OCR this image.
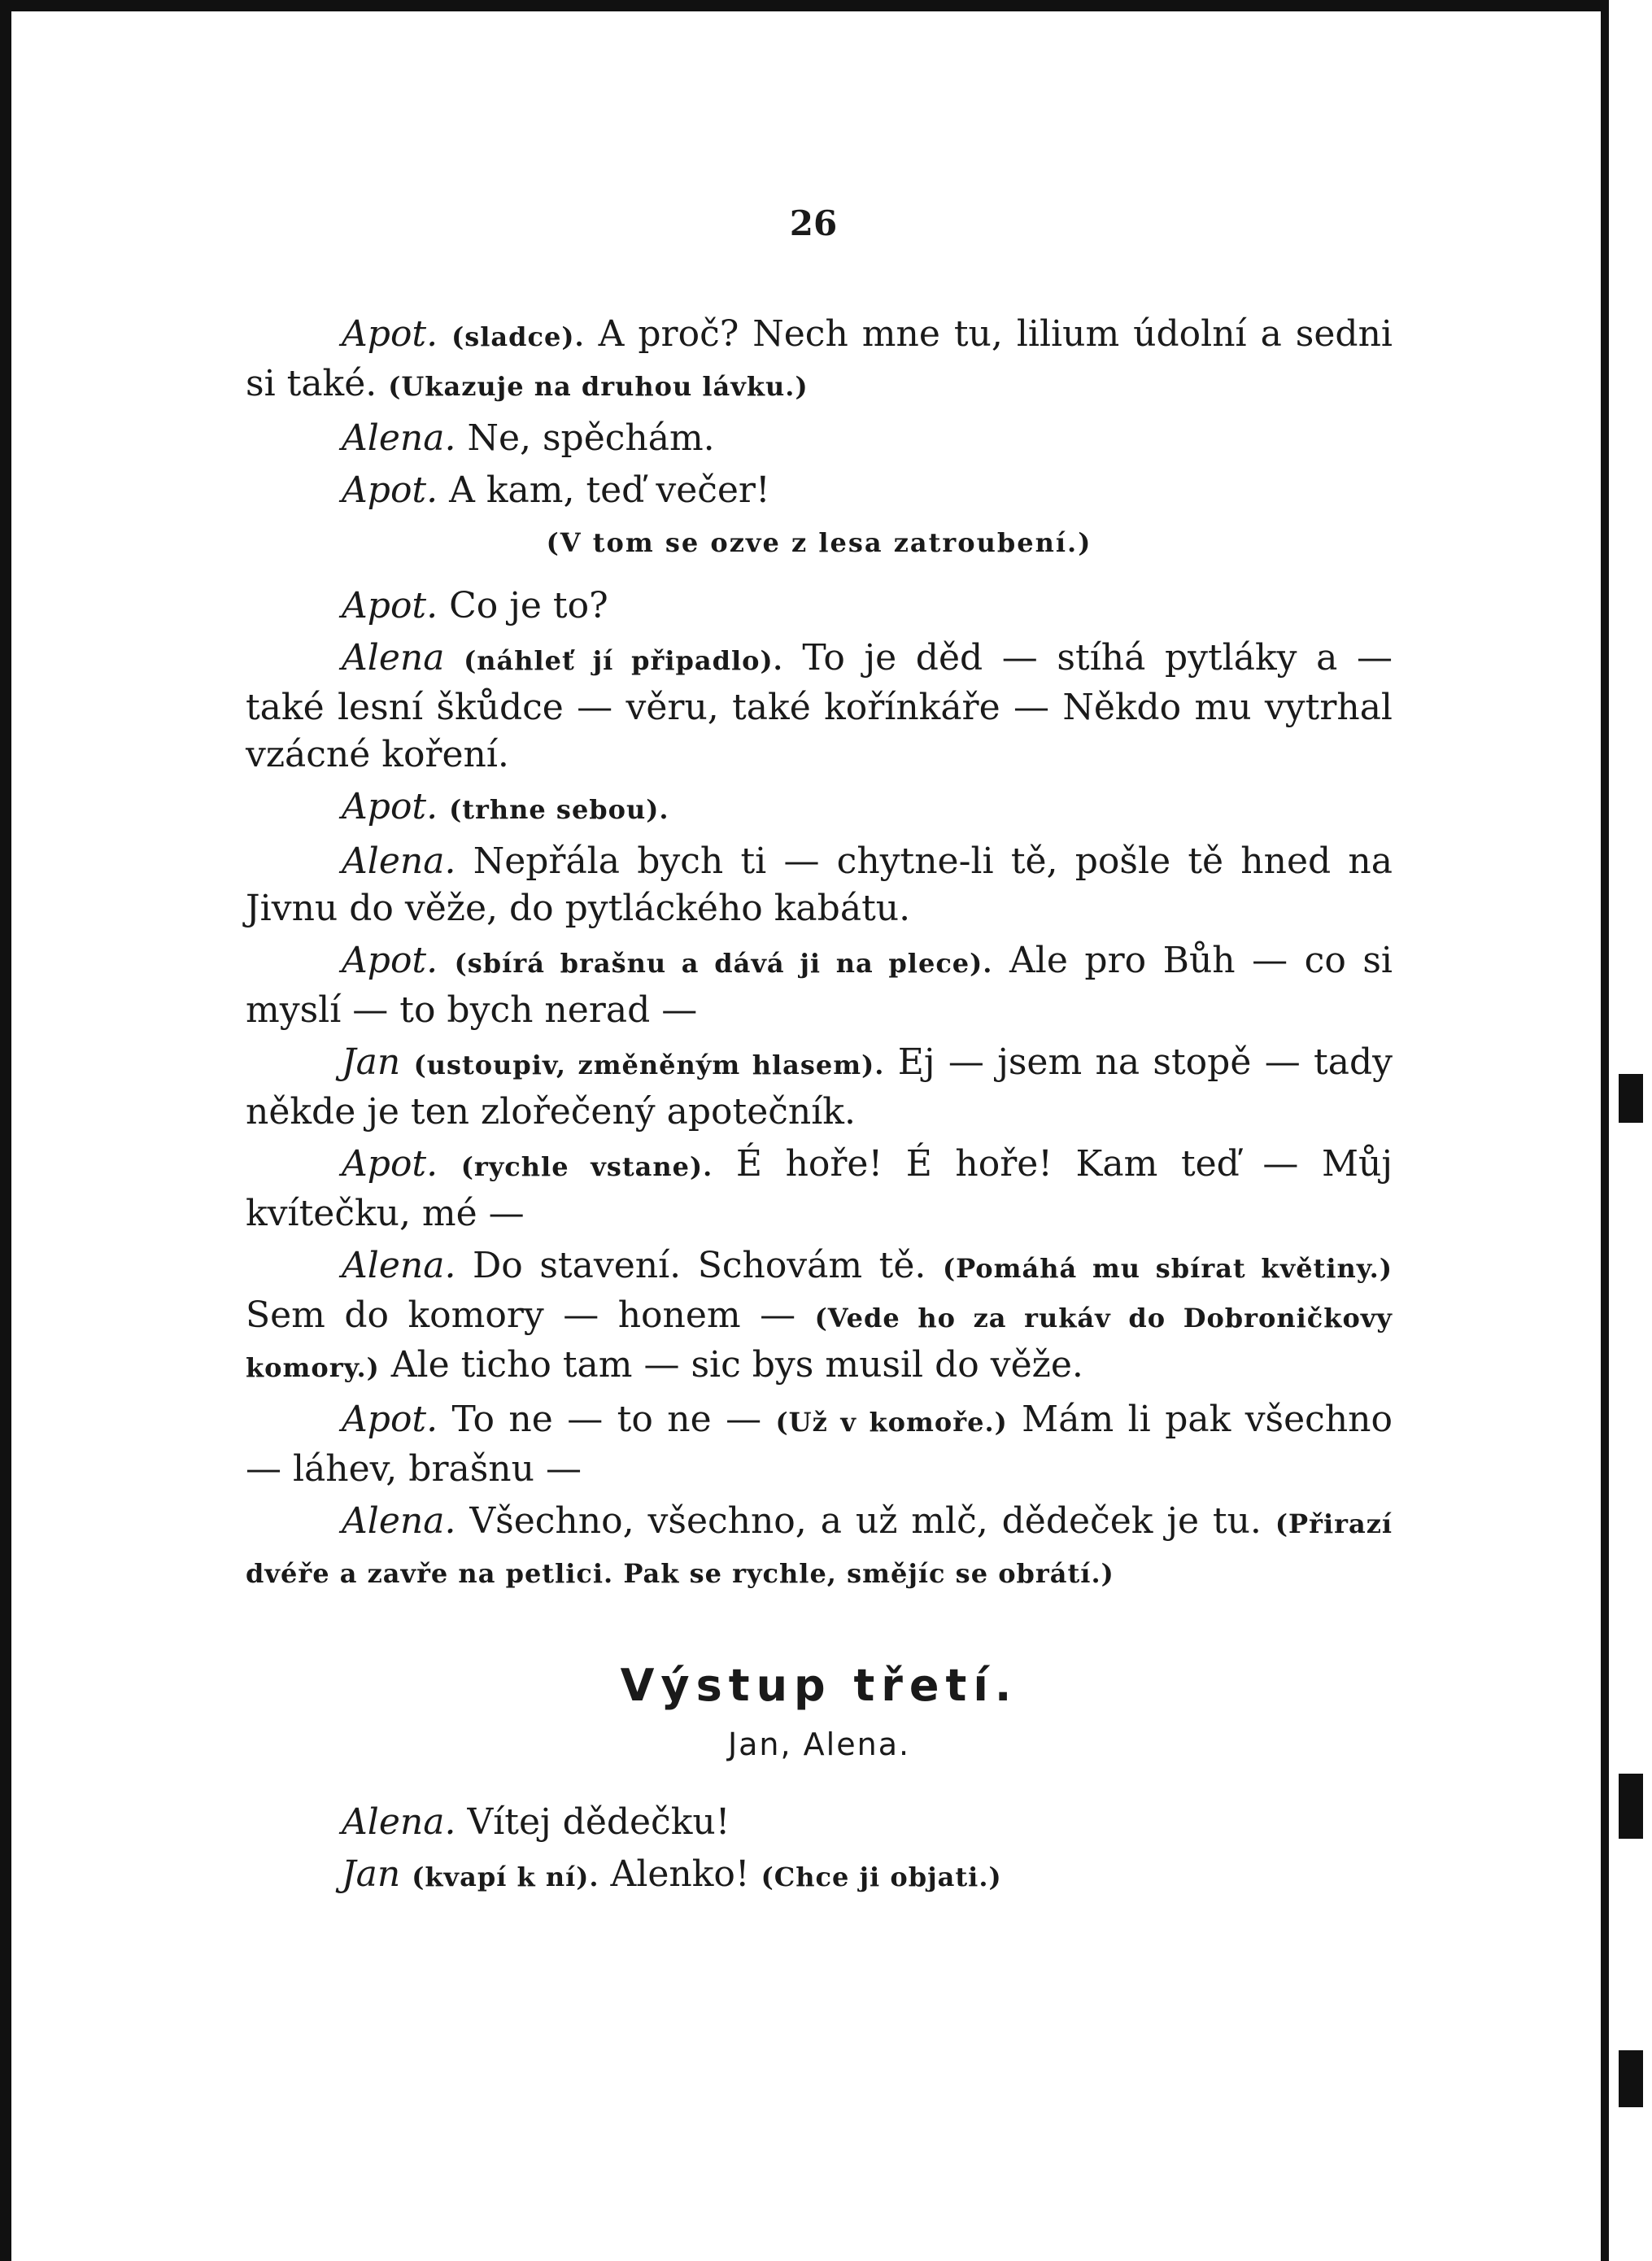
26

Apot. (sladce). A proč? Nech mne tu, lilium údolní a sedni si také. (Ukazuje na druhou lávku.)

Alena. Ne, spěchám.

Apot. A kam, teď večer!

(V tom se ozve z lesa zatroubení.)

Apot. Co je to?

Alena (náhleť jí připadlo). To je děd — stíhá pytláky a — také lesní škůdce — věru, také kořínkáře — Někdo mu vytrhal vzácné koření.

Apot. (trhne sebou).

Alena. Nepřála bych ti — chytne-li tě, pošle tě hned na Jivnu do věže, do pytláckého kabátu.

Apot. (sbírá brašnu a dává ji na plece). Ale pro Bůh — co si myslí — to bych nerad —

Jan (ustoupiv, změněným hlasem). Ej — jsem na stopě — tady někde je ten zlořečený apotečník.

Apot. (rychle vstane). É hoře! É hoře! Kam teď — Můj kvítečku, mé —

Alena. Do stavení. Schovám tě. (Pomáhá mu sbírat květiny.) Sem do komory — honem — (Vede ho za rukáv do Dobroničkovy komory.) Ale ticho tam — sic bys musil do věže.

Apot. To ne — to ne — (Už v komoře.) Mám li pak všechno — láhev, brašnu —

Alena. Všechno, všechno, a už mlč, dědeček je tu. (Přirazí dvéře a zavře na petlici. Pak se rychle, smějíc se obrátí.)

Výstup třetí.
Jan, Alena.

Alena. Vítej dědečku!

Jan (kvapí k ní). Alenko! (Chce ji objati.)
